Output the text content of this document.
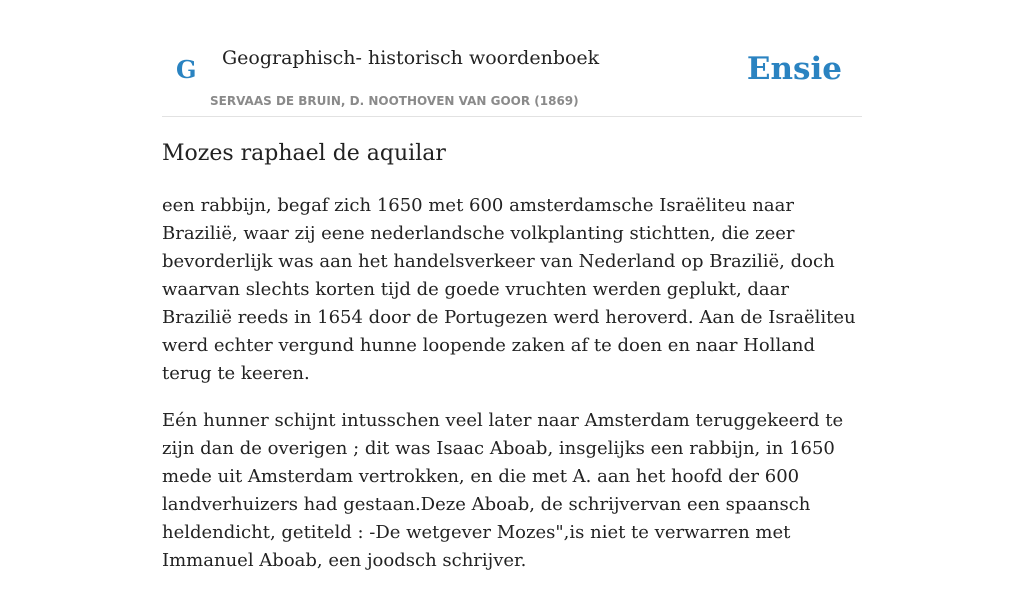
G Geographisch- historisch woordenboek
SERVAAS DE BRUIN, D. NOOTHOVEN VAN GOOR (1869)
Ensie
Mozes raphael de aquilar

een rabbijn, begaf zich 1650 met 600 amsterdamsche Israëliteu naar Brazilië, waar zij eene nederlandsche volkplanting stichtten, die zeer bevorderlijk was aan het handelsverkeer van Nederland op Brazilië, doch waarvan slechts korten tijd de goede vruchten werden geplukt, daar Brazilië reeds in 1654 door de Portugezen werd heroverd. Aan de Israëliteu werd echter vergund hunne loopende zaken af te doen en naar Holland terug te keeren.

Eén hunner schijnt intusschen veel later naar Amsterdam teruggekeerd te zijn dan de overigen ; dit was Isaac Aboab, insgelijks een rabbijn, in 1650 mede uit Amsterdam vertrokken, en die met A. aan het hoofd der 600 landverhuizers had gestaan.Deze Aboab, de schrijvervan een spaansch heldendicht, getiteld : -De wetgever Mozes",is niet te verwarren met Immanuel Aboab, een joodsch schrijver.
